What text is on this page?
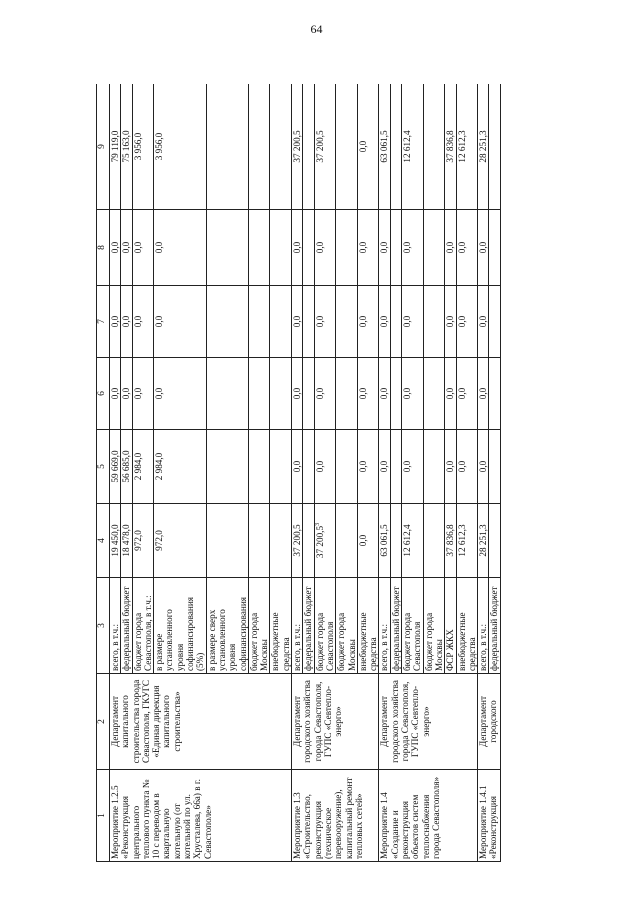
64
1	2	3	4	5	6	7	8	9
Мероприятие 1.2.5 «Реконструкция центрального теплового пункта № 10 с переводом в квартальную котельную (от котельной по ул. Хрусталева, 66а) в г. Севастополе»	Департамент капитального строительства города Севастополя, ГКУГС «Единая дирекция капитального строительства»	всего, в т.ч.:	19 450,0	59 669,0	0,0	0,0	0,0	79 119,0
		федеральный бюджет	18 478,0	56 685,0	0,0	0,0	0,0	75 163,0
		бюджет города Севастополя, в т.ч.:	972,0	2 984,0	0,0	0,0	0,0	3 956,0
		в размере установленного уровня софинансирования (5%)	972,0	2 984,0	0,0	0,0	0,0	3 956,0
		в размере сверх установленного уровня софинансирования						
		бюджет города Москвы						
		внебюджетные средства						
Мероприятие 1.3 «Строительство, реконструкция (техническое перевооружение), капитальный ремонт тепловых сетей»	Департамент городского хозяйства города Севастополя, ГУПС «Севтепло-энерго»	всего, в т.ч.:	37 200,5	0,0	0,0	0,0	0,0	37 200,5
		федеральный бюджет						
		бюджет города Севастополя	37 200,5$^3$	0,0	0,0	0,0	0,0	37 200,5
		бюджет города Москвы						
		внебюджетные средства	0,0	0,0	0,0	0,0	0,0	0,0
Мероприятие 1.4 «Создание и реконструкция объектов систем теплоснабжения города Севастополя»	Департамент городского хозяйства города Севастополя, ГУПС «Севтепло-энерго»	всего, в т.ч.:	63 061,5	0,0	0,0	0,0	0,0	63 061,5
		федеральный бюджет						
		бюджет города Севастополя	12 612,4	0,0	0,0	0,0	0,0	12 612,4
		бюджет города Москвы						
		ФСР ЖКХ	37 836,8	0,0	0,0	0,0	0,0	37 836,8
		внебюджетные средства	12 612,3	0,0	0,0	0,0	0,0	12 612,3
Мероприятие 1.4.1 «Реконструкция	Департамент городского	всего, в т.ч.:	28 251,3	0,0	0,0	0,0	0,0	28 251,3
		федеральный бюджет						
